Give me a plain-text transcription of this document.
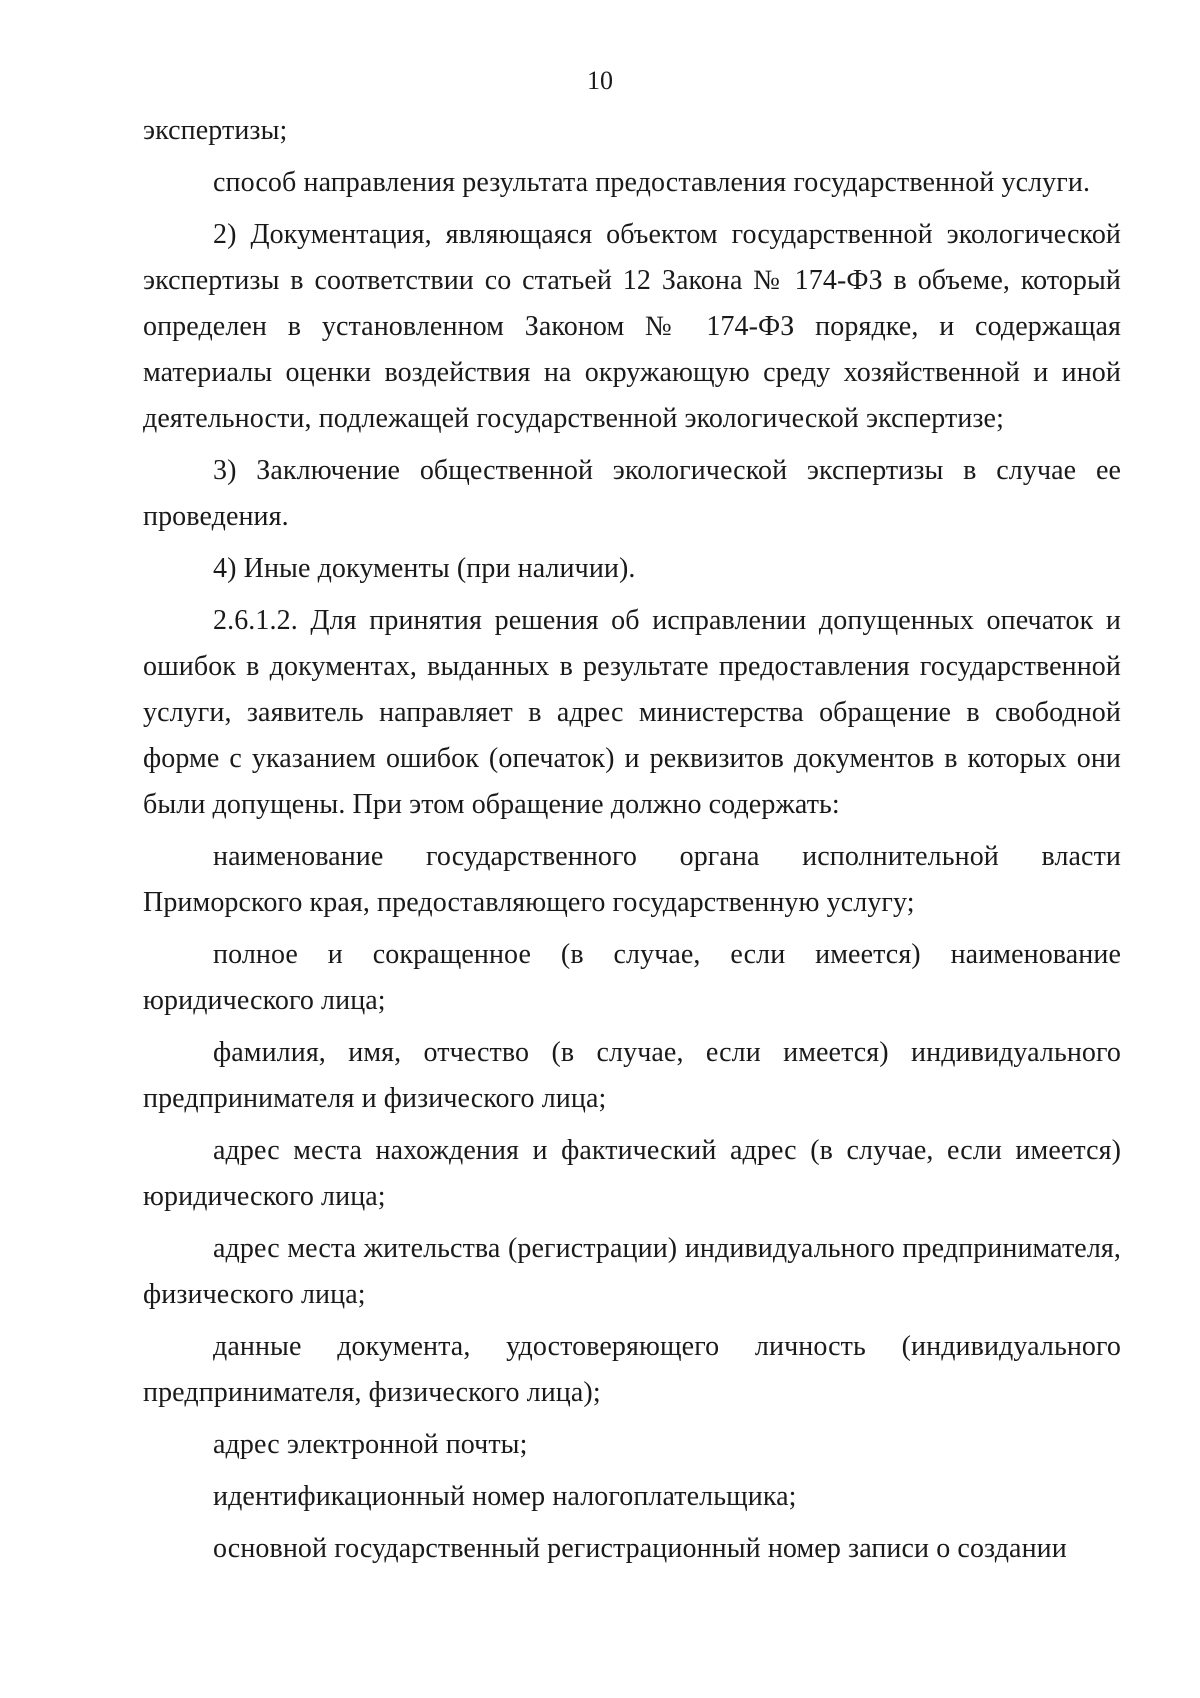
10

экспертизы;

способ направления результата предоставления государственной услуги.

2) Документация, являющаяся объектом государственной экологической экспертизы в соответствии со статьей 12 Закона № 174-ФЗ в объеме, который определен в установленном Законом № 174-ФЗ порядке, и содержащая материалы оценки воздействия на окружающую среду хозяйственной и иной деятельности, подлежащей государственной экологической экспертизе;

3) Заключение общественной экологической экспертизы в случае ее проведения.

4) Иные документы (при наличии).

2.6.1.2. Для принятия решения об исправлении допущенных опечаток и ошибок в документах, выданных в результате предоставления государственной услуги, заявитель направляет в адрес министерства обращение в свободной форме с указанием ошибок (опечаток) и реквизитов документов в которых они были допущены. При этом обращение должно содержать:

наименование государственного органа исполнительной власти Приморского края, предоставляющего государственную услугу;

полное и сокращенное (в случае, если имеется) наименование юридического лица;

фамилия, имя, отчество (в случае, если имеется) индивидуального предпринимателя и физического лица;

адрес места нахождения и фактический адрес (в случае, если имеется) юридического лица;

адрес места жительства (регистрации) индивидуального предпринимателя, физического лица;

данные документа, удостоверяющего личность (индивидуального предпринимателя, физического лица);

адрес электронной почты;

идентификационный номер налогоплательщика;

основной государственный регистрационный номер записи о создании
